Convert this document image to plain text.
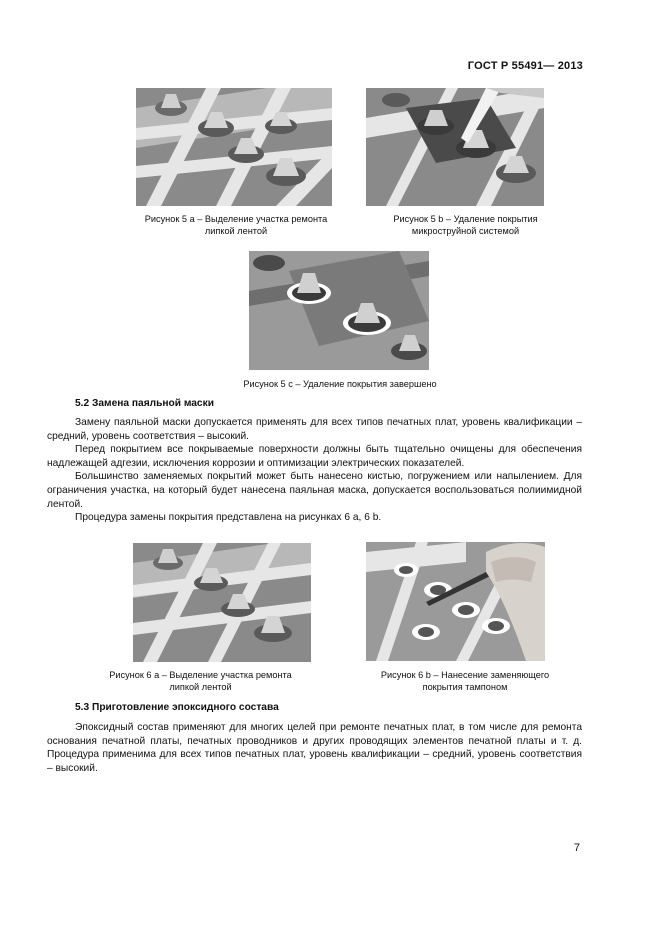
ГОСТ Р 55491— 2013
Рисунок 5 а – Выделение участка ремонта
липкой лентой
Рисунок 5 b – Удаление покрытия
микроструйной системой
Рисунок 5 с – Удаление покрытия завершено
5.2 Замена паяльной маски

Замену паяльной маски допускается применять для всех типов печатных плат, уровень квалификации – средний, уровень соответствия – высокий.

Перед покрытием все покрываемые поверхности должны быть тщательно очищены для обеспечения надлежащей адгезии, исключения коррозии и оптимизации электрических показателей.

Большинство заменяемых покрытий может быть нанесено кистью, погружением или напылением. Для ограничения участка, на который будет нанесена паяльная маска, допускается воспользоваться полиимидной лентой.

Процедура замены покрытия представлена на рисунках 6 а, 6 b.

Рисунок 6 а – Выделение участка ремонта
липкой лентой
Рисунок 6 b – Нанесение заменяющего
покрытия тампоном
5.3 Приготовление эпоксидного состава

Эпоксидный состав применяют для многих целей при ремонте печатных плат, в том числе для ремонта основания печатной платы, печатных проводников и других проводящих элементов печатной платы и т. д. Процедура применима для всех типов печатных плат, уровень квалификации – средний, уровень соответствия – высокий.

7
